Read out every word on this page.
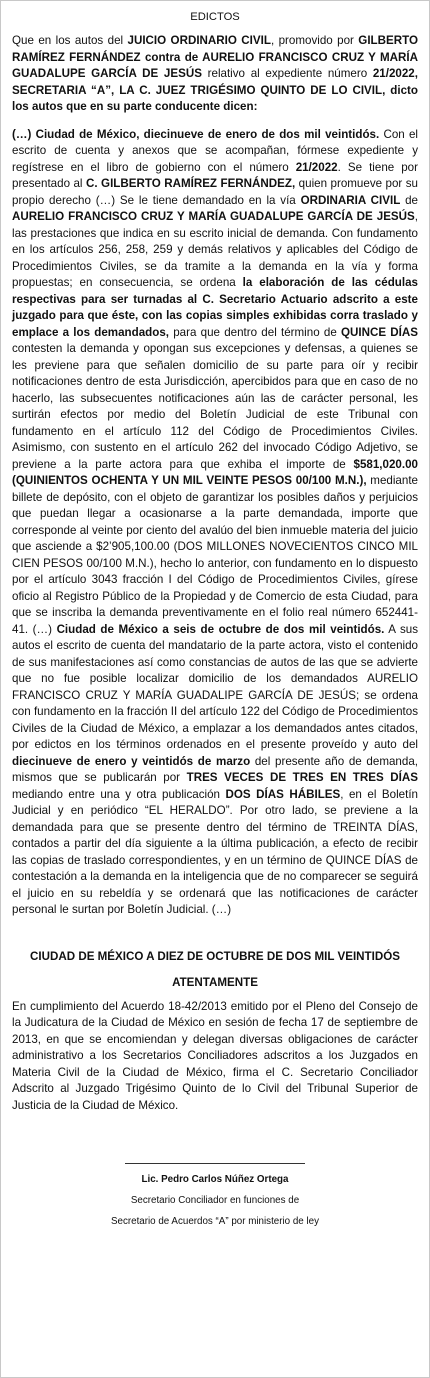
EDICTOS

Que en los autos del JUICIO ORDINARIO CIVIL, promovido por GILBERTO RAMÍREZ FERNÁNDEZ contra de AURELIO FRANCISCO CRUZ Y MARÍA GUADALUPE GARCÍA DE JESÚS relativo al expediente número 21/2022, SECRETARIA “A”, LA C. JUEZ TRIGÉSIMO QUINTO DE LO CIVIL, dicto los autos que en su parte conducente dicen:

(…) Ciudad de México, diecinueve de enero de dos mil veintidós. Con el escrito de cuenta y anexos que se acompañan, fórmese expediente y regístrese en el libro de gobierno con el número 21/2022. Se tiene por presentado al C. GILBERTO RAMÍREZ FERNÁNDEZ, quien promueve por su propio derecho (…) Se le tiene demandado en la vía ORDINARIA CIVIL de AURELIO FRANCISCO CRUZ Y MARÍA GUADALUPE GARCÍA DE JESÚS, las prestaciones que indica en su escrito inicial de demanda. Con fundamento en los artículos 256, 258, 259 y demás relativos y aplicables del Código de Procedimientos Civiles, se da tramite a la demanda en la vía y forma propuestas; en consecuencia, se ordena la elaboración de las cédulas respectivas para ser turnadas al C. Secretario Actuario adscrito a este juzgado para que éste, con las copias simples exhibidas corra traslado y emplace a los demandados, para que dentro del término de QUINCE DÍAS contesten la demanda y opongan sus excepciones y defensas, a quienes se les previene para que señalen domicilio de su parte para oír y recibir notificaciones dentro de esta Jurisdicción, apercibidos para que en caso de no hacerlo, las subsecuentes notificaciones aún las de carácter personal, les surtirán efectos por medio del Boletín Judicial de este Tribunal con fundamento en el artículo 112 del Código de Procedimientos Civiles. Asimismo, con sustento en el artículo 262 del invocado Código Adjetivo, se previene a la parte actora para que exhiba el importe de $581,020.00 (QUINIENTOS OCHENTA Y UN MIL VEINTE PESOS 00/100 M.N.), mediante billete de depósito, con el objeto de garantizar los posibles daños y perjuicios que puedan llegar a ocasionarse a la parte demandada, importe que corresponde al veinte por ciento del avalúo del bien inmueble materia del juicio que asciende a $2’905,100.00 (DOS MILLONES NOVECIENTOS CINCO MIL CIEN PESOS 00/100 M.N.), hecho lo anterior, con fundamento en lo dispuesto por el artículo 3043 fracción I del Código de Procedimientos Civiles, gírese oficio al Registro Público de la Propiedad y de Comercio de esta Ciudad, para que se inscriba la demanda preventivamente en el folio real número 652441-41. (…) Ciudad de México a seis de octubre de dos mil veintidós. A sus autos el escrito de cuenta del mandatario de la parte actora, visto el contenido de sus manifestaciones así como constancias de autos de las que se advierte que no fue posible localizar domicilio de los demandados AURELIO FRANCISCO CRUZ Y MARÍA GUADALIPE GARCÍA DE JESÚS; se ordena con fundamento en la fracción II del artículo 122 del Código de Procedimientos Civiles de la Ciudad de México, a emplazar a los demandados antes citados, por edictos en los términos ordenados en el presente proveído y auto del diecinueve de enero y veintidós de marzo del presente año de demanda, mismos que se publicarán por TRES VECES DE TRES EN TRES DÍAS mediando entre una y otra publicación DOS DÍAS HÁBILES, en el Boletín Judicial y en periódico “EL HERALDO”. Por otro lado, se previene a la demandada para que se presente dentro del término de TREINTA DÍAS, contados a partir del día siguiente a la última publicación, a efecto de recibir las copias de traslado correspondientes, y en un término de QUINCE DÍAS de contestación a la demanda en la inteligencia que de no comparecer se seguirá el juicio en su rebeldía y se ordenará que las notificaciones de carácter personal le surtan por Boletín Judicial. (…)

CIUDAD DE MÉXICO A DIEZ DE OCTUBRE DE DOS MIL VEINTIDÓS

ATENTAMENTE

En cumplimiento del Acuerdo 18-42/2013 emitido por el Pleno del Consejo de la Judicatura de la Ciudad de México en sesión de fecha 17 de septiembre de 2013, en que se encomiendan y delegan diversas obligaciones de carácter administrativo a los Secretarios Conciliadores adscritos a los Juzgados en Materia Civil de la Ciudad de México, firma el C. Secretario Conciliador Adscrito al Juzgado Trigésimo Quinto de lo Civil del Tribunal Superior de Justicia de la Ciudad de México.

Lic. Pedro Carlos Núñez Ortega

Secretario Conciliador en funciones de

Secretario de Acuerdos “A” por ministerio de ley
